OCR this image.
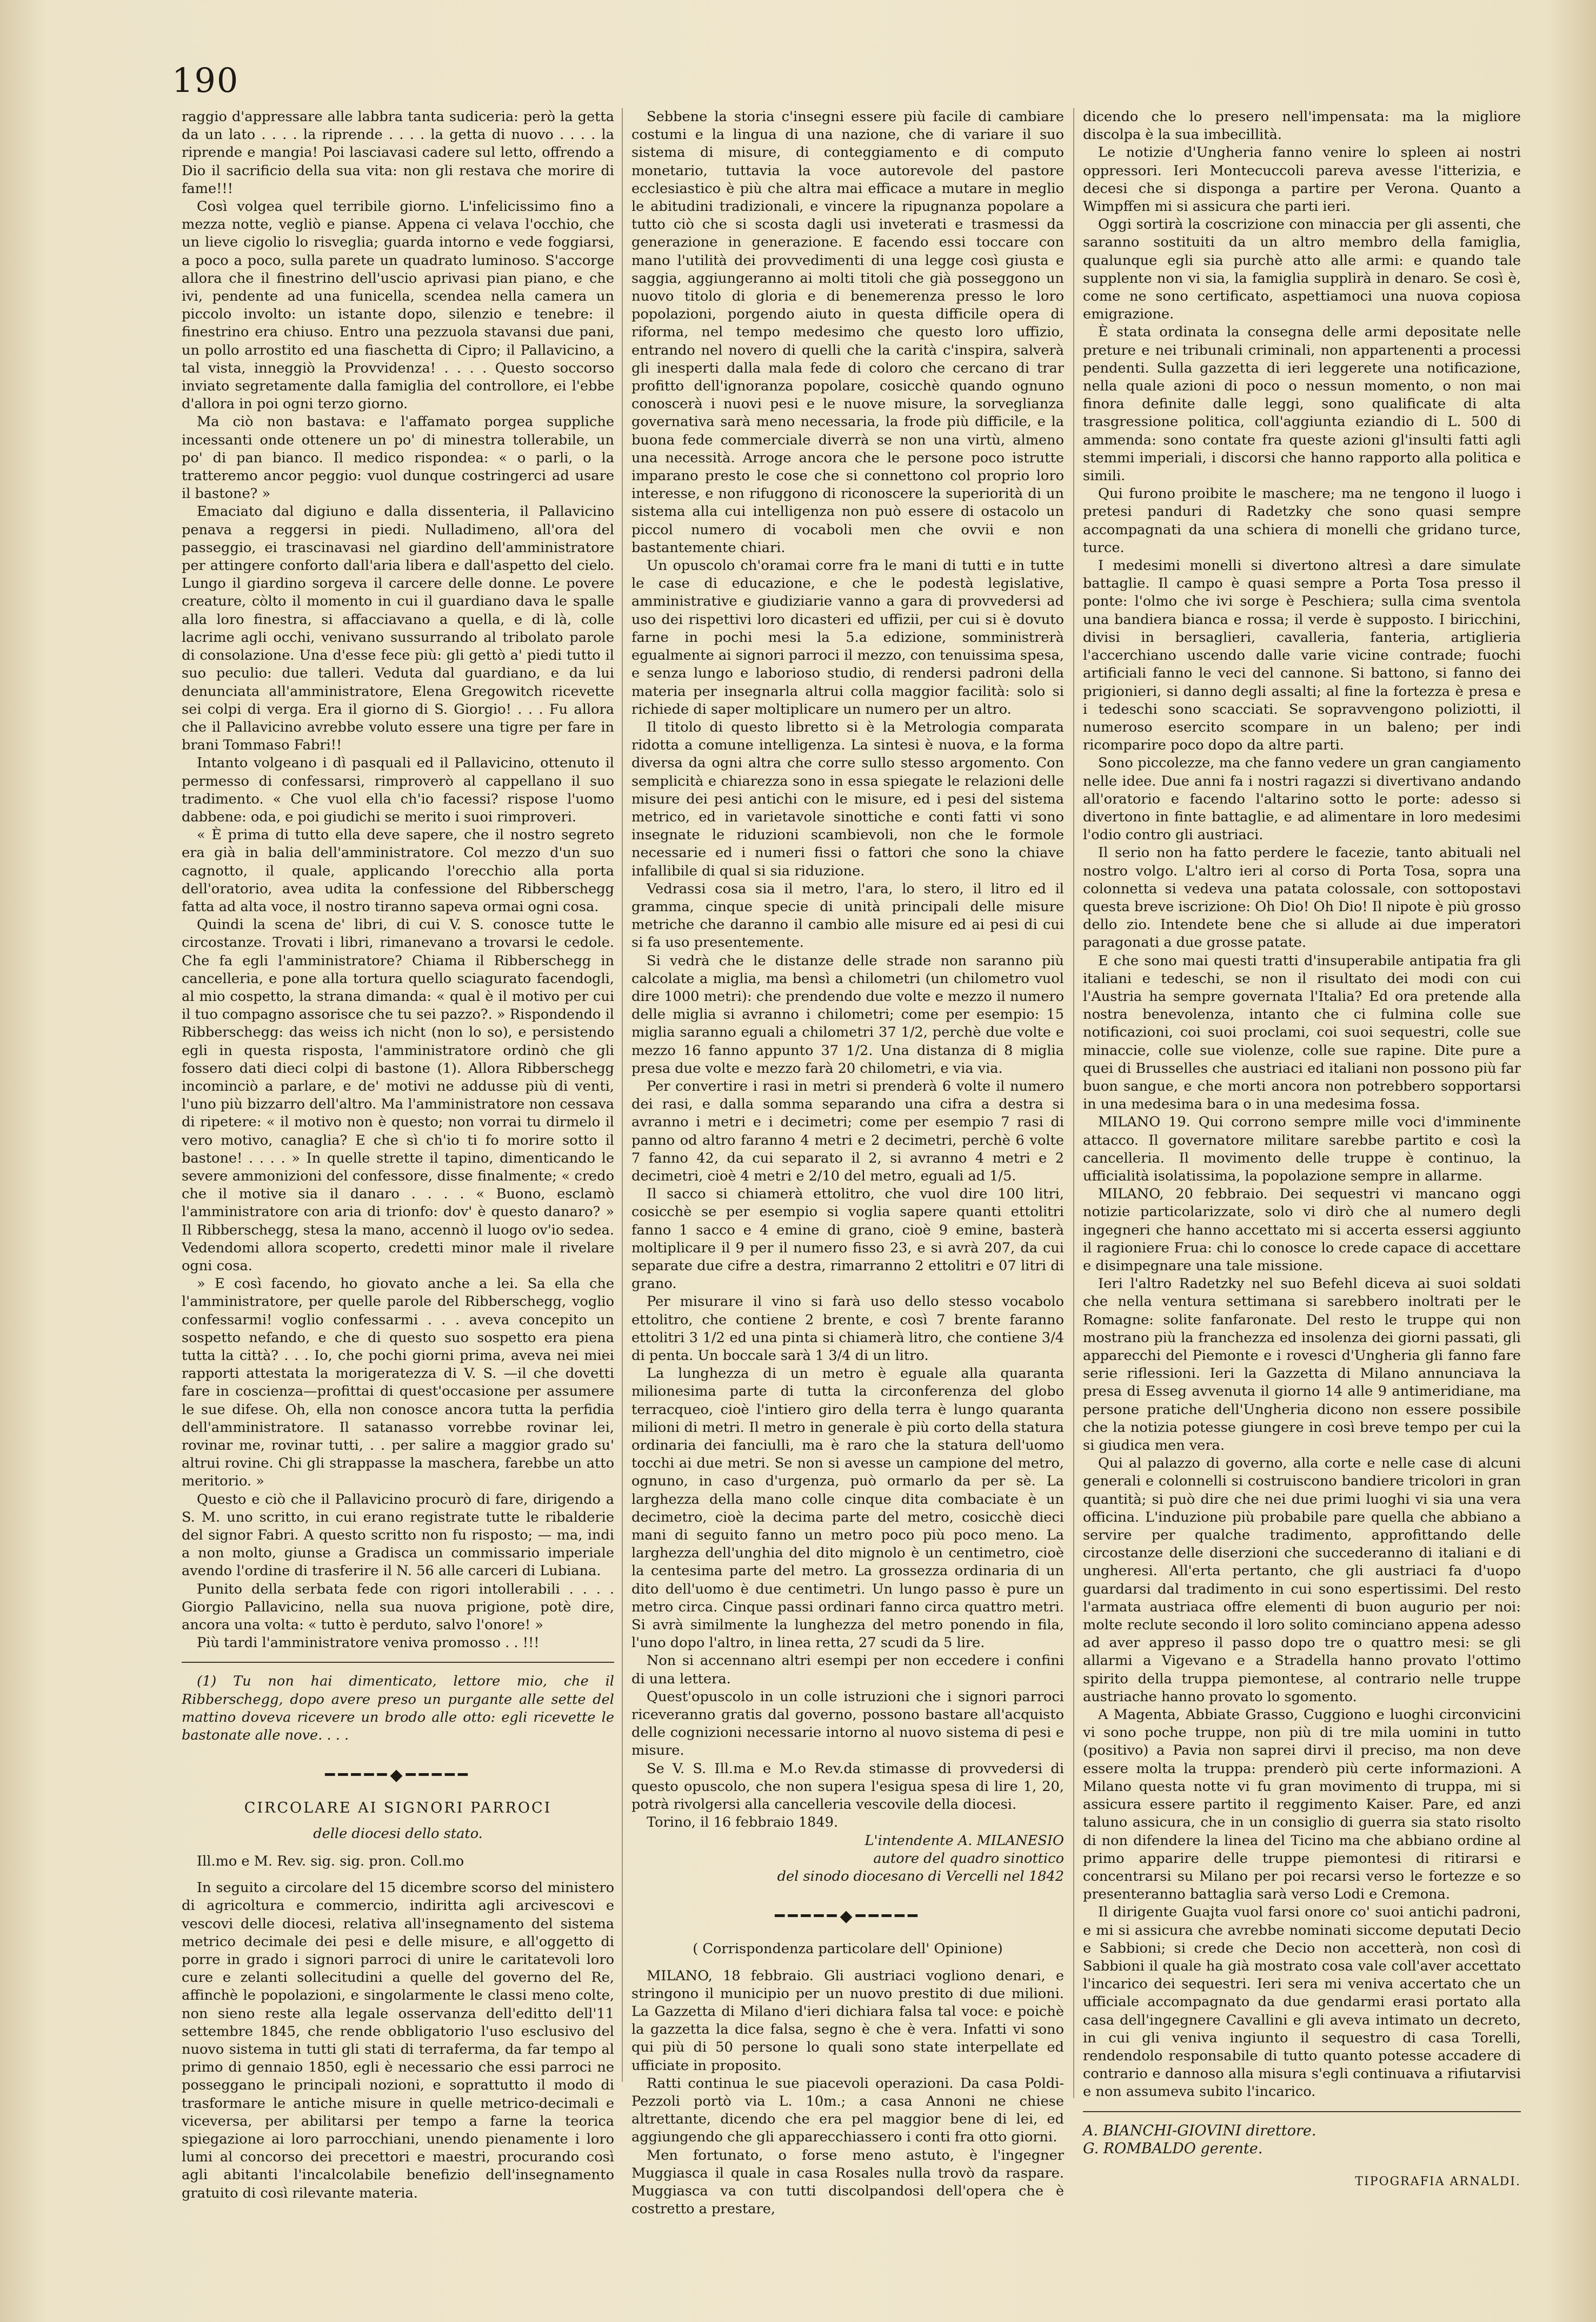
190

raggio d'appressare alle labbra tanta sudiceria: però la getta da un lato . . . . la riprende . . . . la getta di nuovo . . . . la riprende e mangia! Poi lasciavasi cadere sul letto, offrendo a Dio il sacrificio della sua vita: non gli restava che morire di fame!!!

Così volgea quel terribile giorno. L'infelicissimo fino a mezza notte, vegliò e pianse. Appena ci velava l'occhio, che un lieve cigolio lo risveglia; guarda intorno e vede foggiarsi, a poco a poco, sulla parete un quadrato luminoso. S'accorge allora che il finestrino dell'uscio aprivasi pian piano, e che ivi, pendente ad una funicella, scendea nella camera un piccolo involto: un istante dopo, silenzio e tenebre: il finestrino era chiuso. Entro una pezzuola stavansi due pani, un pollo arrostito ed una fiaschetta di Cipro; il Pallavicino, a tal vista, inneggiò la Provvidenza! . . . . Questo soccorso inviato segretamente dalla famiglia del controllore, ei l'ebbe d'allora in poi ogni terzo giorno.

Ma ciò non bastava: e l'affamato porgea suppliche incessanti onde ottenere un po' di minestra tollerabile, un po' di pan bianco. Il medico rispondea: « o parli, o la tratteremo ancor peggio: vuol dunque costringerci ad usare il bastone? »

Emaciato dal digiuno e dalla dissenteria, il Pallavicino penava a reggersi in piedi. Nulladimeno, all'ora del passeggio, ei trascinavasi nel giardino dell'amministratore per attingere conforto dall'aria libera e dall'aspetto del cielo. Lungo il giardino sorgeva il carcere delle donne. Le povere creature, còlto il momento in cui il guardiano dava le spalle alla loro finestra, si affacciavano a quella, e di là, colle lacrime agli occhi, venivano sussurrando al tribolato parole di consolazione. Una d'esse fece più: gli gettò a' piedi tutto il suo peculio: due talleri. Veduta dal guardiano, e da lui denunciata all'amministratore, Elena Gregowitch ricevette sei colpi di verga. Era il giorno di S. Giorgio! . . . Fu allora che il Pallavicino avrebbe voluto essere una tigre per fare in brani Tommaso Fabri!!

Intanto volgeano i dì pasquali ed il Pallavicino, ottenuto il permesso di confessarsi, rimproverò al cappellano il suo tradimento. « Che vuol ella ch'io facessi? rispose l'uomo dabbene: oda, e poi giudichi se merito i suoi rimproveri.

« È prima di tutto ella deve sapere, che il nostro segreto era già in balia dell'amministratore. Col mezzo d'un suo cagnotto, il quale, applicando l'orecchio alla porta dell'oratorio, avea udita la confessione del Ribberschegg fatta ad alta voce, il nostro tiranno sapeva ormai ogni cosa.

Quindi la scena de' libri, di cui V. S. conosce tutte le circostanze. Trovati i libri, rimanevano a trovarsi le cedole. Che fa egli l'amministratore? Chiama il Ribberschegg in cancelleria, e pone alla tortura quello sciagurato facendogli, al mio cospetto, la strana dimanda: « qual è il motivo per cui il tuo compagno assorisce che tu sei pazzo?. » Rispondendo il Ribberschegg: das weiss ich nicht (non lo so), e persistendo egli in questa risposta, l'amministratore ordinò che gli fossero dati dieci colpi di bastone (1). Allora Ribberschegg incominciò a parlare, e de' motivi ne addusse più di venti, l'uno più bizzarro dell'altro. Ma l'amministratore non cessava di ripetere: « il motivo non è questo; non vorrai tu dirmelo il vero motivo, canaglia? E che sì ch'io ti fo morire sotto il bastone! . . . . » In quelle strette il tapino, dimenticando le severe ammonizioni del confessore, disse finalmente; « credo che il motive sia il danaro . . . . « Buono, esclamò l'amministratore con aria di trionfo: dov' è questo danaro? » Il Ribberschegg, stesa la mano, accennò il luogo ov'io sedea. Vedendomi allora scoperto, credetti minor male il rivelare ogni cosa.

» E così facendo, ho giovato anche a lei. Sa ella che l'amministratore, per quelle parole del Ribberschegg, voglio confessarmi! voglio confessarmi . . . aveva concepito un sospetto nefando, e che di questo suo sospetto era piena tutta la città? . . . Io, che pochi giorni prima, aveva nei miei rapporti attestata la morigeratezza di V. S. —il che dovetti fare in coscienza—profittai di quest'occasione per assumere le sue difese. Oh, ella non conosce ancora tutta la perfidia dell'amministratore. Il satanasso vorrebbe rovinar lei, rovinar me, rovinar tutti, . . per salire a maggior grado su' altrui rovine. Chi gli strappasse la maschera, farebbe un atto meritorio. »

Questo e ciò che il Pallavicino procurò di fare, dirigendo a S. M. uno scritto, in cui erano registrate tutte le ribalderie del signor Fabri. A questo scritto non fu risposto; — ma, indi a non molto, giunse a Gradisca un commissario imperiale avendo l'ordine di trasferire il N. 56 alle carceri di Lubiana.

Punito della serbata fede con rigori intollerabili . . . . Giorgio Pallavicino, nella sua nuova prigione, potè dire, ancora una volta: « tutto è perduto, salvo l'onore! »

Più tardi l'amministratore veniva promosso . . !!!

(1) Tu non hai dimenticato, lettore mio, che il Ribberschegg, dopo avere preso un purgante alle sette del mattino doveva ricevere un brodo alle otto: egli ricevette le bastonate alle nove. . . .

━━━━━◆━━━━━
CIRCOLARE AI SIGNORI PARROCI
delle diocesi dello stato.

Ill.mo e M. Rev. sig. sig. pron. Coll.mo

In seguito a circolare del 15 dicembre scorso del ministero di agricoltura e commercio, indiritta agli arcivescovi e vescovi delle diocesi, relativa all'insegnamento del sistema metrico decimale dei pesi e delle misure, e all'oggetto di porre in grado i signori parroci di unire le caritatevoli loro cure e zelanti sollecitudini a quelle del governo del Re, affinchè le popolazioni, e singolarmente le classi meno colte, non sieno reste alla legale osservanza dell'editto dell'11 settembre 1845, che rende obbligatorio l'uso esclusivo del nuovo sistema in tutti gli stati di terraferma, da far tempo al primo di gennaio 1850, egli è necessario che essi parroci ne posseggano le principali nozioni, e soprattutto il modo di trasformare le antiche misure in quelle metrico-decimali e viceversa, per abilitarsi per tempo a farne la teorica spiegazione ai loro parrocchiani, unendo pienamente i loro lumi al concorso dei precettori e maestri, procurando così agli abitanti l'incalcolabile benefizio dell'insegnamento gratuito di così rilevante materia.

Sebbene la storia c'insegni essere più facile di cambiare costumi e la lingua di una nazione, che di variare il suo sistema di misure, di conteggiamento e di computo monetario, tuttavia la voce autorevole del pastore ecclesiastico è più che altra mai efficace a mutare in meglio le abitudini tradizionali, e vincere la ripugnanza popolare a tutto ciò che si scosta dagli usi inveterati e trasmessi da generazione in generazione. E facendo essi toccare con mano l'utilità dei provvedimenti di una legge così giusta e saggia, aggiungeranno ai molti titoli che già posseggono un nuovo titolo di gloria e di benemerenza presso le loro popolazioni, porgendo aiuto in questa difficile opera di riforma, nel tempo medesimo che questo loro uffizio, entrando nel novero di quelli che la carità c'inspira, salverà gli inesperti dalla mala fede di coloro che cercano di trar profitto dell'ignoranza popolare, cosicchè quando ognuno conoscerà i nuovi pesi e le nuove misure, la sorveglianza governativa sarà meno necessaria, la frode più difficile, e la buona fede commerciale diverrà se non una virtù, almeno una necessità. Arroge ancora che le persone poco istrutte imparano presto le cose che si connettono col proprio loro interesse, e non rifuggono di riconoscere la superiorità di un sistema alla cui intelligenza non può essere di ostacolo un piccol numero di vocaboli men che ovvii e non bastantemente chiari.

Un opuscolo ch'oramai corre fra le mani di tutti e in tutte le case di educazione, e che le podestà legislative, amministrative e giudiziarie vanno a gara di provvedersi ad uso dei rispettivi loro dicasteri ed uffizii, per cui si è dovuto farne in pochi mesi la 5.a edizione, somministrerà egualmente ai signori parroci il mezzo, con tenuissima spesa, e senza lungo e laborioso studio, di rendersi padroni della materia per insegnarla altrui colla maggior facilità: solo si richiede di saper moltiplicare un numero per un altro.

Il titolo di questo libretto si è la Metrologia comparata ridotta a comune intelligenza. La sintesi è nuova, e la forma diversa da ogni altra che corre sullo stesso argomento. Con semplicità e chiarezza sono in essa spiegate le relazioni delle misure dei pesi antichi con le misure, ed i pesi del sistema metrico, ed in varietavole sinottiche e conti fatti vi sono insegnate le riduzioni scambievoli, non che le formole necessarie ed i numeri fissi o fattori che sono la chiave infallibile di qual si sia riduzione.

Vedrassi cosa sia il metro, l'ara, lo stero, il litro ed il gramma, cinque specie di unità principali delle misure metriche che daranno il cambio alle misure ed ai pesi di cui si fa uso presentemente.

Si vedrà che le distanze delle strade non saranno più calcolate a miglia, ma bensì a chilometri (un chilometro vuol dire 1000 metri): che prendendo due volte e mezzo il numero delle miglia si avranno i chilometri; come per esempio: 15 miglia saranno eguali a chilometri 37 1/2, perchè due volte e mezzo 16 fanno appunto 37 1/2. Una distanza di 8 miglia presa due volte e mezzo farà 20 chilometri, e via via.

Per convertire i rasi in metri si prenderà 6 volte il numero dei rasi, e dalla somma separando una cifra a destra si avranno i metri e i decimetri; come per esempio 7 rasi di panno od altro faranno 4 metri e 2 decimetri, perchè 6 volte 7 fanno 42, da cui separato il 2, si avranno 4 metri e 2 decimetri, cioè 4 metri e 2/10 del metro, eguali ad 1/5.

Il sacco si chiamerà ettolitro, che vuol dire 100 litri, cosicchè se per esempio si voglia sapere quanti ettolitri fanno 1 sacco e 4 emine di grano, cioè 9 emine, basterà moltiplicare il 9 per il numero fisso 23, e si avrà 207, da cui separate due cifre a destra, rimarranno 2 ettolitri e 07 litri di grano.

Per misurare il vino si farà uso dello stesso vocabolo ettolitro, che contiene 2 brente, e così 7 brente faranno ettolitri 3 1/2 ed una pinta si chiamerà litro, che contiene 3/4 di penta. Un boccale sarà 1 3/4 di un litro.

La lunghezza di un metro è eguale alla quaranta milionesima parte di tutta la circonferenza del globo terracqueo, cioè l'intiero giro della terra è lungo quaranta milioni di metri. Il metro in generale è più corto della statura ordinaria dei fanciulli, ma è raro che la statura dell'uomo tocchi ai due metri. Se non si avesse un campione del metro, ognuno, in caso d'urgenza, può ormarlo da per sè. La larghezza della mano colle cinque dita combaciate è un decimetro, cioè la decima parte del metro, cosicchè dieci mani di seguito fanno un metro poco più poco meno. La larghezza dell'unghia del dito mignolo è un centimetro, cioè la centesima parte del metro. La grossezza ordinaria di un dito dell'uomo è due centimetri. Un lungo passo è pure un metro circa. Cinque passi ordinari fanno circa quattro metri. Si avrà similmente la lunghezza del metro ponendo in fila, l'uno dopo l'altro, in linea retta, 27 scudi da 5 lire.

Non si accennano altri esempi per non eccedere i confini di una lettera.

Quest'opuscolo in un colle istruzioni che i signori parroci riceveranno gratis dal governo, possono bastare all'acquisto delle cognizioni necessarie intorno al nuovo sistema di pesi e misure.

Se V. S. Ill.ma e M.o Rev.da stimasse di provvedersi di questo opuscolo, che non supera l'esigua spesa di lire 1, 20, potrà rivolgersi alla cancelleria vescovile della diocesi.

Torino, il 16 febbraio 1849.

L'intendente A. MILANESIO

autore del quadro sinottico

del sinodo diocesano di Vercelli nel 1842

━━━━━◆━━━━━

( Corrispondenza particolare dell' Opinione)

MILANO, 18 febbraio. Gli austriaci vogliono denari, e stringono il municipio per un nuovo prestito di due milioni. La Gazzetta di Milano d'ieri dichiara falsa tal voce: e poichè la gazzetta la dice falsa, segno è che è vera. Infatti vi sono qui più di 50 persone lo quali sono state interpellate ed ufficiate in proposito.

Ratti continua le sue piacevoli operazioni. Da casa Poldi-Pezzoli portò via L. 10m.; a casa Annoni ne chiese altrettante, dicendo che era pel maggior bene di lei, ed aggiungendo che gli apparecchiassero i conti fra otto giorni.

Men fortunato, o forse meno astuto, è l'ingegner Muggiasca il quale in casa Rosales nulla trovò da raspare. Muggiasca va con tutti discolpandosi dell'opera che è costretto a prestare,

dicendo che lo presero nell'impensata: ma la migliore discolpa è la sua imbecillità.

Le notizie d'Ungheria fanno venire lo spleen ai nostri oppressori. Ieri Montecuccoli pareva avesse l'itterizia, e decesi che si disponga a partire per Verona. Quanto a Wimpffen mi si assicura che parti ieri.

Oggi sortirà la coscrizione con minaccia per gli assenti, che saranno sostituiti da un altro membro della famiglia, qualunque egli sia purchè atto alle armi: e quando tale supplente non vi sia, la famiglia supplirà in denaro. Se così è, come ne sono certificato, aspettiamoci una nuova copiosa emigrazione.

È stata ordinata la consegna delle armi depositate nelle preture e nei tribunali criminali, non appartenenti a processi pendenti. Sulla gazzetta di ieri leggerete una notificazione, nella quale azioni di poco o nessun momento, o non mai finora definite dalle leggi, sono qualificate di alta trasgressione politica, coll'aggiunta eziandio di L. 500 di ammenda: sono contate fra queste azioni gl'insulti fatti agli stemmi imperiali, i discorsi che hanno rapporto alla politica e simili.

Qui furono proibite le maschere; ma ne tengono il luogo i pretesi panduri di Radetzky che sono quasi sempre accompagnati da una schiera di monelli che gridano turce, turce.

I medesimi monelli si divertono altresì a dare simulate battaglie. Il campo è quasi sempre a Porta Tosa presso il ponte: l'olmo che ivi sorge è Peschiera; sulla cima sventola una bandiera bianca e rossa; il verde è supposto. I biricchini, divisi in bersaglieri, cavalleria, fanteria, artiglieria l'accerchiano uscendo dalle varie vicine contrade; fuochi artificiali fanno le veci del cannone. Si battono, si fanno dei prigionieri, si danno degli assalti; al fine la fortezza è presa e i tedeschi sono scacciati. Se sopravvengono poliziotti, il numeroso esercito scompare in un baleno; per indi ricomparire poco dopo da altre parti.

Sono piccolezze, ma che fanno vedere un gran cangiamento nelle idee. Due anni fa i nostri ragazzi si divertivano andando all'oratorio e facendo l'altarino sotto le porte: adesso si divertono in finte battaglie, e ad alimentare in loro medesimi l'odio contro gli austriaci.

Il serio non ha fatto perdere le facezie, tanto abituali nel nostro volgo. L'altro ieri al corso di Porta Tosa, sopra una colonnetta si vedeva una patata colossale, con sottopostavi questa breve iscrizione: Oh Dio! Oh Dio! Il nipote è più grosso dello zio. Intendete bene che si allude ai due imperatori paragonati a due grosse patate.

E che sono mai questi tratti d'insuperabile antipatia fra gli italiani e tedeschi, se non il risultato dei modi con cui l'Austria ha sempre governata l'Italia? Ed ora pretende alla nostra benevolenza, intanto che ci fulmina colle sue notificazioni, coi suoi proclami, coi suoi sequestri, colle sue minaccie, colle sue violenze, colle sue rapine. Dite pure a quei di Brusselles che austriaci ed italiani non possono più far buon sangue, e che morti ancora non potrebbero sopportarsi in una medesima bara o in una medesima fossa.

MILANO 19. Qui corrono sempre mille voci d'imminente attacco. Il governatore militare sarebbe partito e così la cancelleria. Il movimento delle truppe è continuo, la ufficialità isolatissima, la popolazione sempre in allarme.

MILANO, 20 febbraio. Dei sequestri vi mancano oggi notizie particolarizzate, solo vi dirò che al numero degli ingegneri che hanno accettato mi si accerta essersi aggiunto il ragioniere Frua: chi lo conosce lo crede capace di accettare e disimpegnare una tale missione.

Ieri l'altro Radetzky nel suo Befehl diceva ai suoi soldati che nella ventura settimana si sarebbero inoltrati per le Romagne: solite fanfaronate. Del resto le truppe qui non mostrano più la franchezza ed insolenza dei giorni passati, gli apparecchi del Piemonte e i rovesci d'Ungheria gli fanno fare serie riflessioni. Ieri la Gazzetta di Milano annunciava la presa di Esseg avvenuta il giorno 14 alle 9 antimeridiane, ma persone pratiche dell'Ungheria dicono non essere possibile che la notizia potesse giungere in così breve tempo per cui la si giudica men vera.

Qui al palazzo di governo, alla corte e nelle case di alcuni generali e colonnelli si costruiscono bandiere tricolori in gran quantità; si può dire che nei due primi luoghi vi sia una vera officina. L'induzione più probabile pare quella che abbiano a servire per qualche tradimento, approfittando delle circostanze delle diserzioni che succederanno di italiani e di ungheresi. All'erta pertanto, che gli austriaci fa d'uopo guardarsi dal tradimento in cui sono espertissimi. Del resto l'armata austriaca offre elementi di buon augurio per noi: molte reclute secondo il loro solito cominciano appena adesso ad aver appreso il passo dopo tre o quattro mesi: se gli allarmi a Vigevano e a Stradella hanno provato l'ottimo spirito della truppa piemontese, al contrario nelle truppe austriache hanno provato lo sgomento.

A Magenta, Abbiate Grasso, Cuggiono e luoghi circonvicini vi sono poche truppe, non più di tre mila uomini in tutto (positivo) a Pavia non saprei dirvi il preciso, ma non deve essere molta la truppa: prenderò più certe informazioni. A Milano questa notte vi fu gran movimento di truppa, mi si assicura essere partito il reggimento Kaiser. Pare, ed anzi taluno assicura, che in un consiglio di guerra sia stato risolto di non difendere la linea del Ticino ma che abbiano ordine al primo apparire delle truppe piemontesi di ritirarsi e concentrarsi su Milano per poi recarsi verso le fortezze e so presenteranno battaglia sarà verso Lodi e Cremona.

Il dirigente Guajta vuol farsi onore co' suoi antichi padroni, e mi si assicura che avrebbe nominati siccome deputati Decio e Sabbioni; si crede che Decio non accetterà, non così di Sabbioni il quale ha già mostrato cosa vale coll'aver accettato l'incarico dei sequestri. Ieri sera mi veniva accertato che un ufficiale accompagnato da due gendarmi erasi portato alla casa dell'ingegnere Cavallini e gli aveva intimato un decreto, in cui gli veniva ingiunto il sequestro di casa Torelli, rendendolo responsabile di tutto quanto potesse accadere di contrario e dannoso alla misura s'egli continuava a rifiutarvisi e non assumeva subito l'incarico.

A. BIANCHI-GIOVINI direttore.

G. ROMBALDO gerente.

TIPOGRAFIA ARNALDI.
